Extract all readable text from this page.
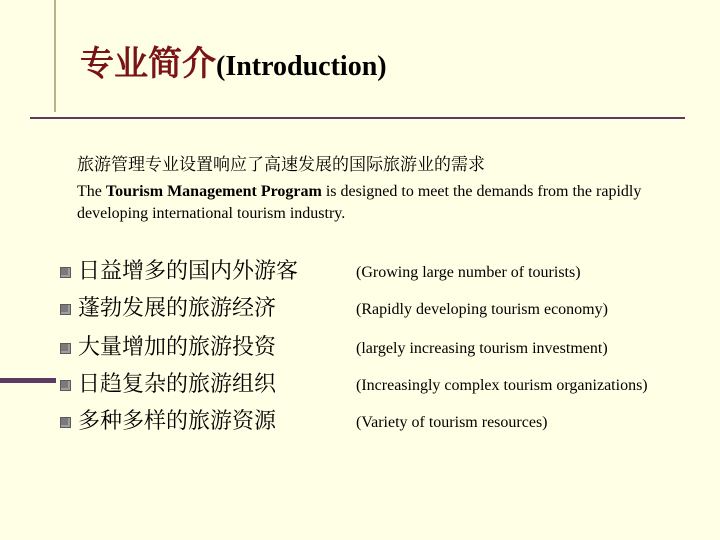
专业简介(Introduction)
旅游管理专业设置响应了高速发展的国际旅游业的需求
The Tourism Management Program is designed to meet the demands from the rapidly developing international tourism industry.
日益增多的国内外游客	(Growing large number of tourists)
蓬勃发展的旅游经济	(Rapidly developing tourism economy)
大量增加的旅游投资	(largely increasing tourism investment)
日趋复杂的旅游组织	(Increasingly complex tourism organizations)
多种多样的旅游资源	(Variety of tourism resources)
